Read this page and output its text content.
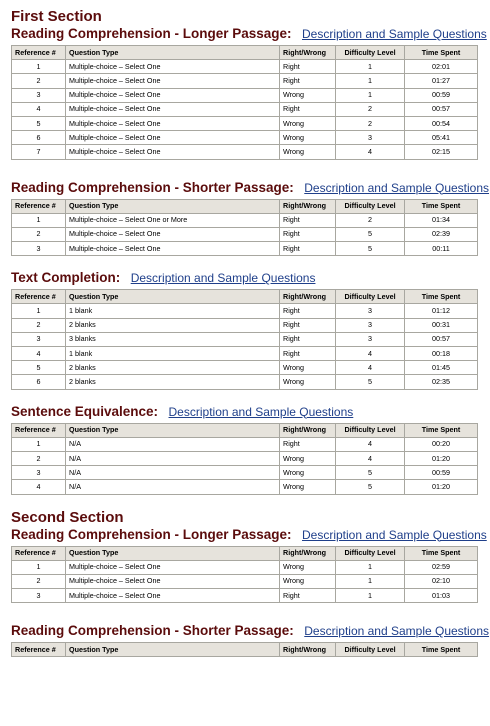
First Section

Reading Comprehension - Longer Passage: Description and Sample Questions

Reference #	Question Type	Right/Wrong	Difficulty Level	Time Spent
1	Multiple-choice – Select One	Right	1	02:01
2	Multiple-choice – Select One	Right	1	01:27
3	Multiple-choice – Select One	Wrong	1	00:59
4	Multiple-choice – Select One	Right	2	00:57
5	Multiple-choice – Select One	Wrong	2	00:54
6	Multiple-choice – Select One	Wrong	3	05:41
7	Multiple-choice – Select One	Wrong	4	02:15

Reading Comprehension - Shorter Passage: Description and Sample Questions

Reference #	Question Type	Right/Wrong	Difficulty Level	Time Spent
1	Multiple-choice – Select One or More	Right	2	01:34
2	Multiple-choice – Select One	Right	5	02:39
3	Multiple-choice – Select One	Right	5	00:11

Text Completion: Description and Sample Questions

Reference #	Question Type	Right/Wrong	Difficulty Level	Time Spent
1	1 blank	Right	3	01:12
2	2 blanks	Right	3	00:31
3	3 blanks	Right	3	00:57
4	1 blank	Right	4	00:18
5	2 blanks	Wrong	4	01:45
6	2 blanks	Wrong	5	02:35

Sentence Equivalence: Description and Sample Questions

Reference #	Question Type	Right/Wrong	Difficulty Level	Time Spent
1	N/A	Right	4	00:20
2	N/A	Wrong	4	01:20
3	N/A	Wrong	5	00:59
4	N/A	Wrong	5	01:20
Second Section

Reading Comprehension - Longer Passage: Description and Sample Questions

Reference #	Question Type	Right/Wrong	Difficulty Level	Time Spent
1	Multiple-choice – Select One	Wrong	1	02:59
2	Multiple-choice – Select One	Wrong	1	02:10
3	Multiple-choice – Select One	Right	1	01:03

Reading Comprehension - Shorter Passage: Description and Sample Questions

Reference #	Question Type	Right/Wrong	Difficulty Level	Time Spent
